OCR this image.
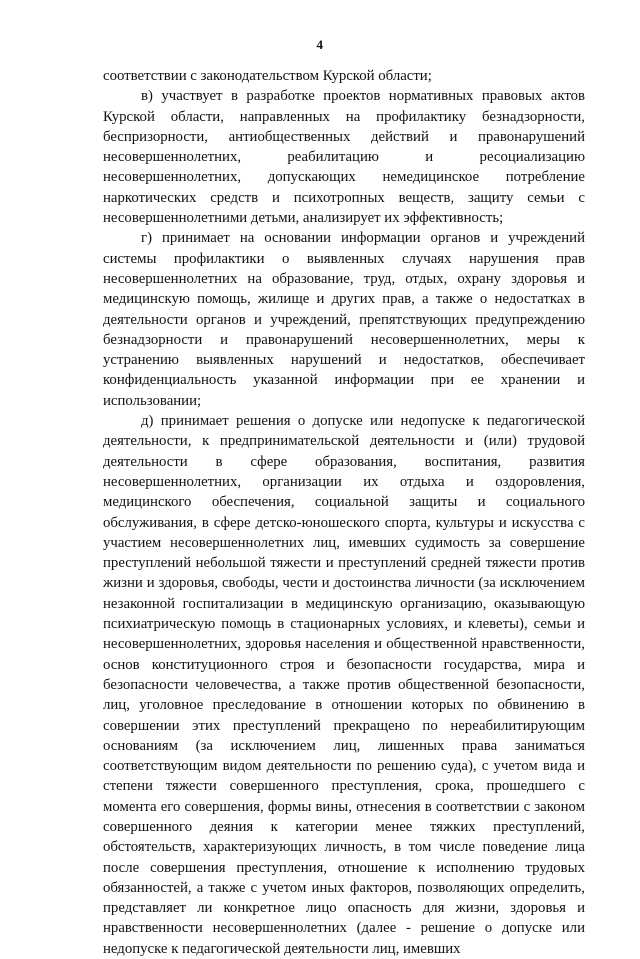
4

соответствии с законодательством Курской области;

в) участвует в разработке проектов нормативных правовых актов Курской области, направленных на профилактику безнадзорности, беспризорности, антиобщественных действий и правонарушений несовершеннолетних, реабилитацию и ресоциализацию несовершеннолетних, допускающих немедицинское потребление наркотических средств и психотропных веществ, защиту семьи с несовершеннолетними детьми, анализирует их эффективность;

г) принимает на основании информации органов и учреждений системы профилактики о выявленных случаях нарушения прав несовершеннолетних на образование, труд, отдых, охрану здоровья и медицинскую помощь, жилище и других прав, а также о недостатках в деятельности органов и учреждений, препятствующих предупреждению безнадзорности и правонарушений несовершеннолетних, меры к устранению выявленных нарушений и недостатков, обеспечивает конфиденциальность указанной информации при ее хранении и использовании;

д) принимает решения о допуске или недопуске к педагогической деятельности, к предпринимательской деятельности и (или) трудовой деятельности в сфере образования, воспитания, развития несовершеннолетних, организации их отдыха и оздоровления, медицинского обеспечения, социальной защиты и социального обслуживания, в сфере детско-юношеского спорта, культуры и искусства с участием несовершеннолетних лиц, имевших судимость за совершение преступлений небольшой тяжести и преступлений средней тяжести против жизни и здоровья, свободы, чести и достоинства личности (за исключением незаконной госпитализации в медицинскую организацию, оказывающую психиатрическую помощь в стационарных условиях, и клеветы), семьи и несовершеннолетних, здоровья населения и общественной нравственности, основ конституционного строя и безопасности государства, мира и безопасности человечества, а также против общественной безопасности, лиц, уголовное преследование в отношении которых по обвинению в совершении этих преступлений прекращено по нереабилитирующим основаниям (за исключением лиц, лишенных права заниматься соответствующим видом деятельности по решению суда), с учетом вида и степени тяжести совершенного преступления, срока, прошедшего с момента его совершения, формы вины, отнесения в соответствии с законом совершенного деяния к категории менее тяжких преступлений, обстоятельств, характеризующих личность, в том числе поведение лица после совершения преступления, отношение к исполнению трудовых обязанностей, а также с учетом иных факторов, позволяющих определить, представляет ли конкретное лицо опасность для жизни, здоровья и нравственности несовершеннолетних (далее - решение о допуске или недопуске к педагогической деятельности лиц, имевших
